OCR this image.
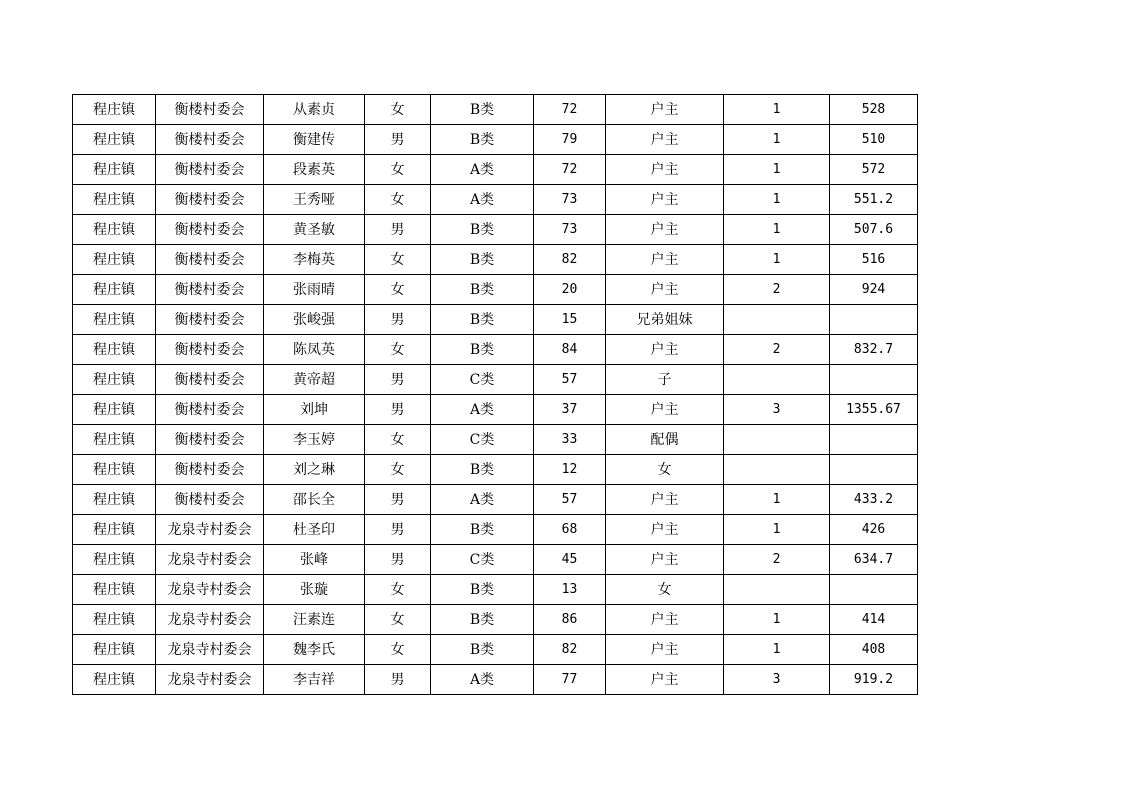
程庄镇	衡楼村委会	从素贞	女	B类	72	户主	1	528
程庄镇	衡楼村委会	衡建传	男	B类	79	户主	1	510
程庄镇	衡楼村委会	段素英	女	A类	72	户主	1	572
程庄镇	衡楼村委会	王秀哑	女	A类	73	户主	1	551.2
程庄镇	衡楼村委会	黄圣敏	男	B类	73	户主	1	507.6
程庄镇	衡楼村委会	李梅英	女	B类	82	户主	1	516
程庄镇	衡楼村委会	张雨晴	女	B类	20	户主	2	924
程庄镇	衡楼村委会	张峻强	男	B类	15	兄弟姐妹		
程庄镇	衡楼村委会	陈凤英	女	B类	84	户主	2	832.7
程庄镇	衡楼村委会	黄帝超	男	C类	57	子		
程庄镇	衡楼村委会	刘坤	男	A类	37	户主	3	1355.67
程庄镇	衡楼村委会	李玉婷	女	C类	33	配偶		
程庄镇	衡楼村委会	刘之琳	女	B类	12	女		
程庄镇	衡楼村委会	邵长全	男	A类	57	户主	1	433.2
程庄镇	龙泉寺村委会	杜圣印	男	B类	68	户主	1	426
程庄镇	龙泉寺村委会	张峰	男	C类	45	户主	2	634.7
程庄镇	龙泉寺村委会	张璇	女	B类	13	女		
程庄镇	龙泉寺村委会	汪素连	女	B类	86	户主	1	414
程庄镇	龙泉寺村委会	魏李氏	女	B类	82	户主	1	408
程庄镇	龙泉寺村委会	李吉祥	男	A类	77	户主	3	919.2
